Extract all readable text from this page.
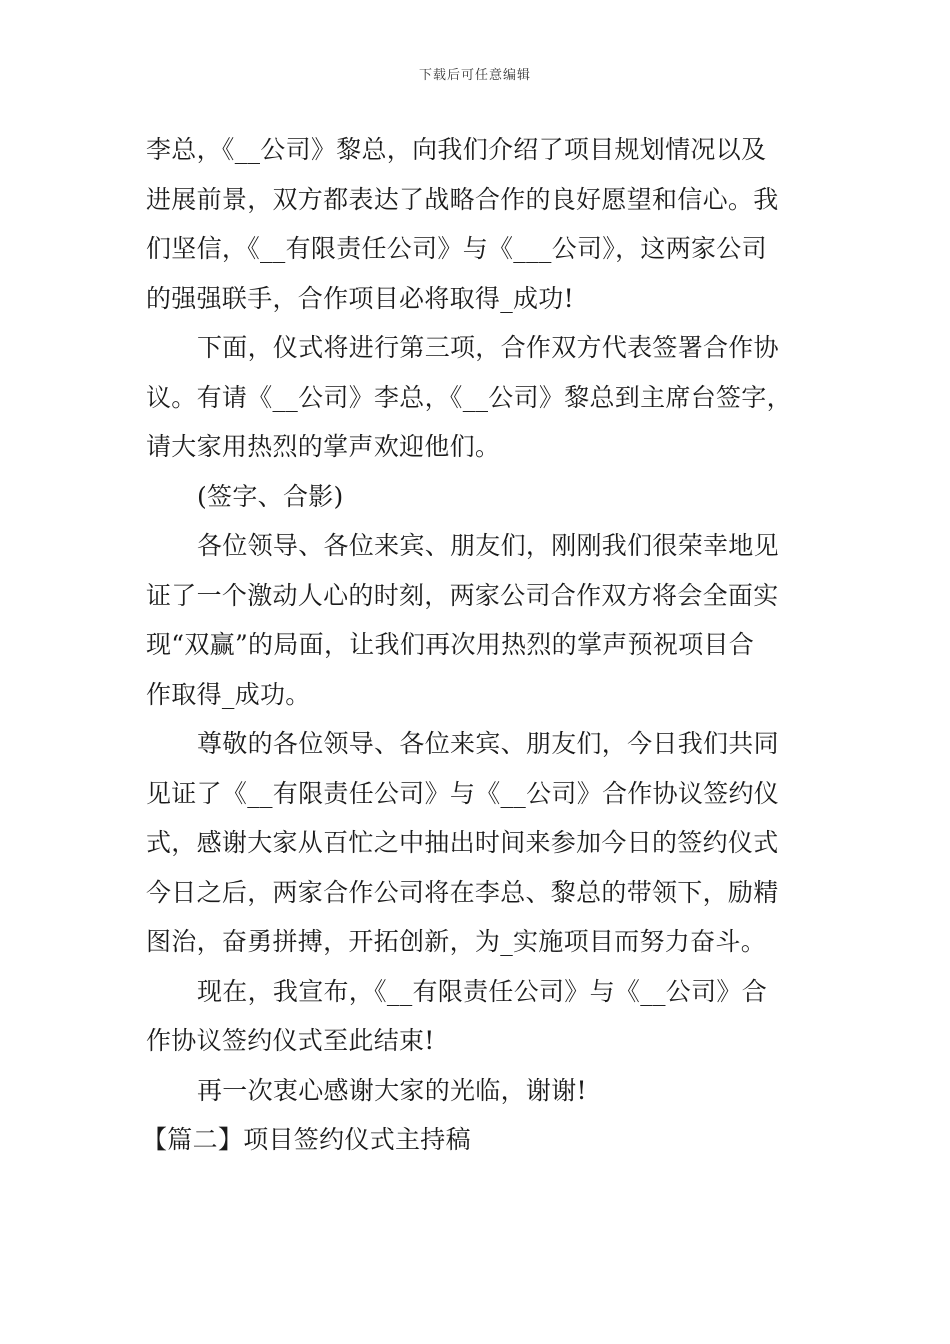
下载后可任意编辑
李总，《__公司》黎总，向我们介绍了项目规划情况以及
进展前景，双方都表达了战略合作的良好愿望和信心。我
们坚信，《__有限责任公司》与《___公司》，这两家公司
的强强联手，合作项目必将取得_成功!
下面，仪式将进行第三项，合作双方代表签署合作协
议。有请《__公司》李总，《__公司》黎总到主席台签字，
请大家用热烈的掌声欢迎他们。
(签字、合影)
各位领导、各位来宾、朋友们，刚刚我们很荣幸地见
证了一个激动人心的时刻，两家公司合作双方将会全面实
现“双赢”的局面，让我们再次用热烈的掌声预祝项目合
作取得_成功。
尊敬的各位领导、各位来宾、朋友们，今日我们共同
见证了《__有限责任公司》与《__公司》合作协议签约仪
式，感谢大家从百忙之中抽出时间来参加今日的签约仪式
今日之后，两家合作公司将在李总、黎总的带领下，励精
图治，奋勇拼搏，开拓创新，为_实施项目而努力奋斗。
现在，我宣布，《__有限责任公司》与《__公司》合
作协议签约仪式至此结束!
再一次衷心感谢大家的光临，谢谢!
【篇二】项目签约仪式主持稿
